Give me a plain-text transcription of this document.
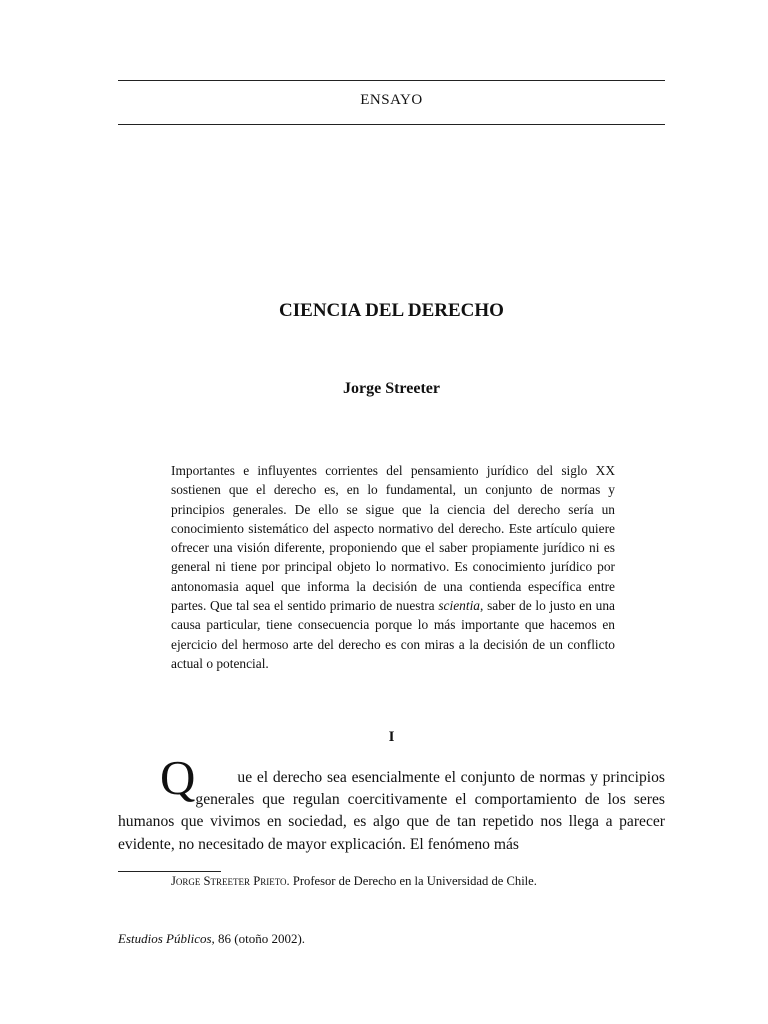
ENSAYO
CIENCIA DEL DERECHO
Jorge Streeter

Importantes e influyentes corrientes del pensamiento jurídico del siglo XX sostienen que el derecho es, en lo fundamental, un conjunto de normas y principios generales. De ello se sigue que la ciencia del derecho sería un conocimiento sistemático del aspecto normativo del derecho. Este artículo quiere ofrecer una visión diferente, proponiendo que el saber propiamente jurídico ni es general ni tiene por principal objeto lo normativo. Es conocimiento jurídico por antonomasia aquel que informa la decisión de una contienda específica entre partes. Que tal sea el sentido primario de nuestra scientia, saber de lo justo en una causa particular, tiene consecuencia porque lo más importante que hacemos en ejercicio del hermoso arte del derecho es con miras a la decisión de un conflicto actual o potencial.

I

Q	ue el derecho sea esencialmente el conjunto de normas y principios generales que regulan coercitivamente el comportamiento de los seres humanos que vivimos en sociedad, es algo que de tan repetido nos llega a parecer evidente, no necesitado de mayor explicación. El fenómeno más

Jorge Streeter Prieto. Profesor de Derecho en la Universidad de Chile.
Estudios Públicos, 86 (otoño 2002).
